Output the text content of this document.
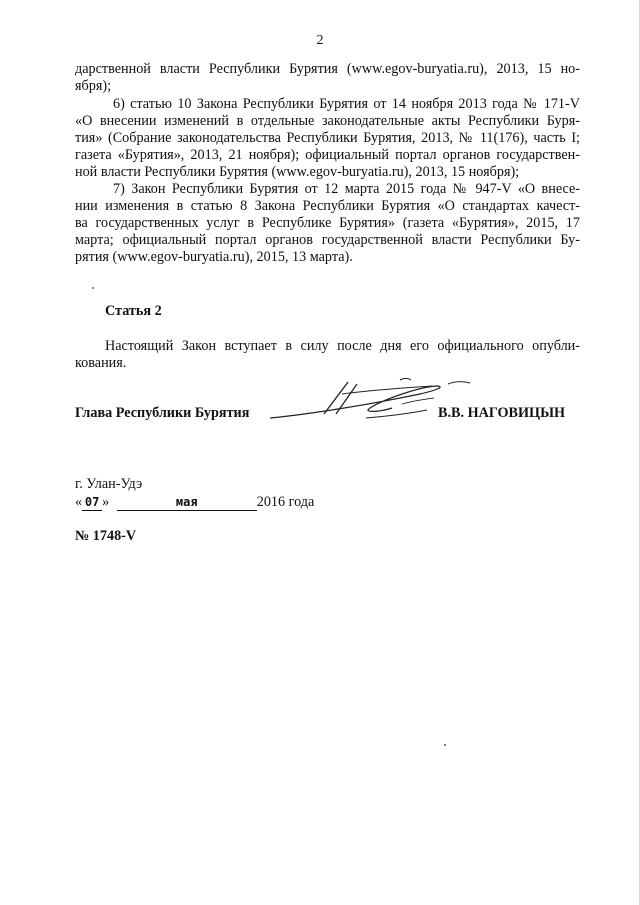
2
дарственной власти Республики Бурятия (www.egov-buryatia.ru), 2013, 15 но-
ября);
6) статью 10 Закона Республики Бурятия от 14 ноября 2013 года № 171-V
«О внесении изменений в отдельные законодательные акты Республики Буря-
тия» (Собрание законодательства Республики Бурятия, 2013, № 11(176), часть I;
газета «Бурятия», 2013, 21 ноября); официальный портал органов государствен-
ной власти Республики Бурятия (www.egov-buryatia.ru), 2013, 15 ноября);
7) Закон Республики Бурятия от 12 марта 2015 года № 947-V «О внесе-
нии изменения в статью 8 Закона Республики Бурятия «О стандартах качест-
ва государственных услуг в Республике Бурятия» (газета «Бурятия», 2015, 17
марта; официальный портал органов государственной власти Республики Бу-
рятия (www.egov-buryatia.ru), 2015, 13 марта).
Статья 2
Настоящий Закон вступает в силу после дня его официального опубли-
кования.
Глава Республики Бурятия	В.В. НАГОВИЦЫН
г. Улан-Удэ
« 07 »	мая	2016 года
№ 1748-V
